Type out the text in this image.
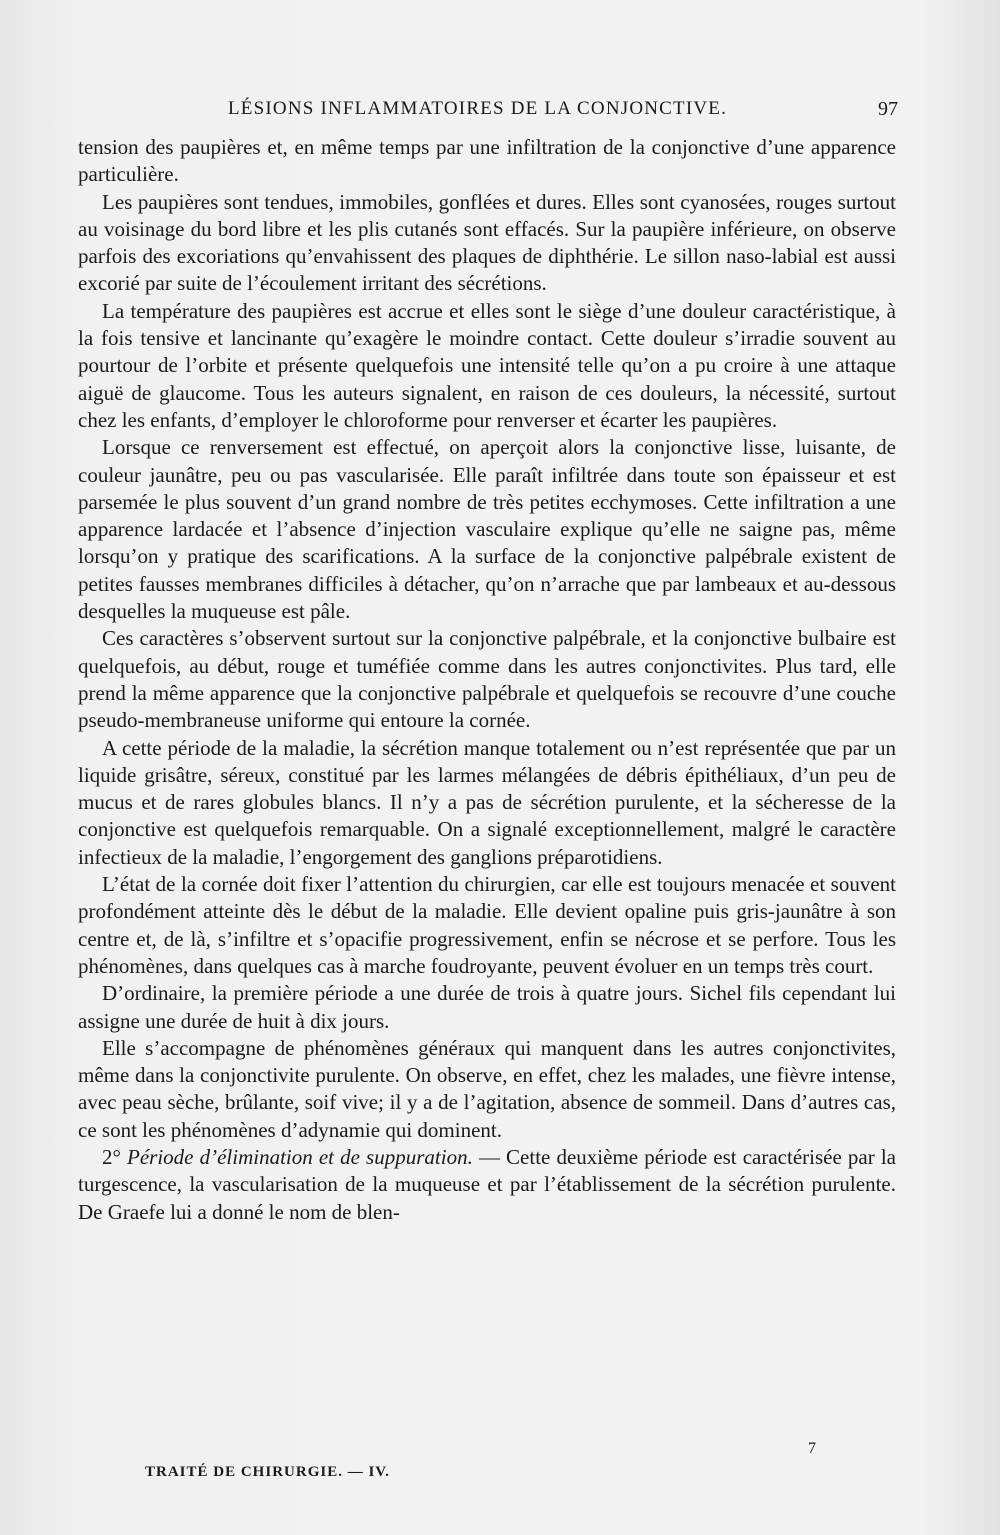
LÉSIONS INFLAMMATOIRES DE LA CONJONCTIVE.	97

tension des paupières et, en même temps par une infiltration de la conjonctive d’une apparence particulière.

Les paupières sont tendues, immobiles, gonflées et dures. Elles sont cyanosées, rouges surtout au voisinage du bord libre et les plis cutanés sont effacés. Sur la paupière inférieure, on observe parfois des excoriations qu’envahissent des plaques de diphthérie. Le sillon naso-labial est aussi excorié par suite de l’écoulement irritant des sécrétions.

La température des paupières est accrue et elles sont le siège d’une douleur caractéristique, à la fois tensive et lancinante qu’exagère le moindre contact. Cette douleur s’irradie souvent au pourtour de l’orbite et présente quelquefois une intensité telle qu’on a pu croire à une attaque aiguë de glaucome. Tous les auteurs signalent, en raison de ces douleurs, la nécessité, surtout chez les enfants, d’employer le chloroforme pour renverser et écarter les paupières.

Lorsque ce renversement est effectué, on aperçoit alors la conjonctive lisse, luisante, de couleur jaunâtre, peu ou pas vascularisée. Elle paraît infiltrée dans toute son épaisseur et est parsemée le plus souvent d’un grand nombre de très petites ecchymoses. Cette infiltration a une apparence lardacée et l’absence d’injection vasculaire explique qu’elle ne saigne pas, même lorsqu’on y pratique des scarifications. A la surface de la conjonctive palpébrale existent de petites fausses membranes difficiles à détacher, qu’on n’arrache que par lambeaux et au-dessous desquelles la muqueuse est pâle.

Ces caractères s’observent surtout sur la conjonctive palpébrale, et la conjonctive bulbaire est quelquefois, au début, rouge et tuméfiée comme dans les autres conjonctivites. Plus tard, elle prend la même apparence que la conjonctive palpébrale et quelquefois se recouvre d’une couche pseudo-membraneuse uniforme qui entoure la cornée.

A cette période de la maladie, la sécrétion manque totalement ou n’est représentée que par un liquide grisâtre, séreux, constitué par les larmes mélangées de débris épithéliaux, d’un peu de mucus et de rares globules blancs. Il n’y a pas de sécrétion purulente, et la sécheresse de la conjonctive est quelquefois remarquable. On a signalé exceptionnellement, malgré le caractère infectieux de la maladie, l’engorgement des ganglions préparotidiens.

L’état de la cornée doit fixer l’attention du chirurgien, car elle est toujours menacée et souvent profondément atteinte dès le début de la maladie. Elle devient opaline puis gris-jaunâtre à son centre et, de là, s’infiltre et s’opacifie progressivement, enfin se nécrose et se perfore. Tous les phénomènes, dans quelques cas à marche foudroyante, peuvent évoluer en un temps très court.

D’ordinaire, la première période a une durée de trois à quatre jours. Sichel fils cependant lui assigne une durée de huit à dix jours.

Elle s’accompagne de phénomènes généraux qui manquent dans les autres conjonctivites, même dans la conjonctivite purulente. On observe, en effet, chez les malades, une fièvre intense, avec peau sèche, brûlante, soif vive; il y a de l’agitation, absence de sommeil. Dans d’autres cas, ce sont les phénomènes d’adynamie qui dominent.

2° Période d’élimination et de suppuration. — Cette deuxième période est caractérisée par la turgescence, la vascularisation de la muqueuse et par l’établissement de la sécrétion purulente. De Graefe lui a donné le nom de blen-

TRAITÉ DE CHIRURGIE. — IV.
7
